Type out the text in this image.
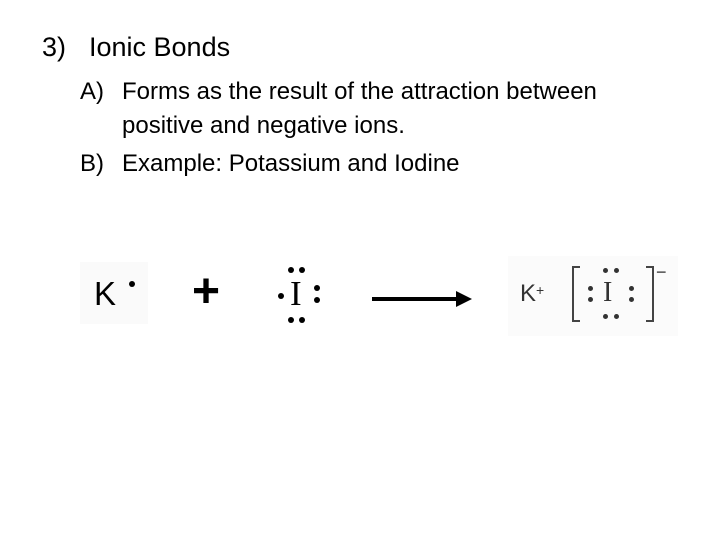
3) Ionic Bonds
A) Forms as the result of the attraction between positive and negative ions.
B) Example: Potassium and Iodine
K + I	K+ I
−
